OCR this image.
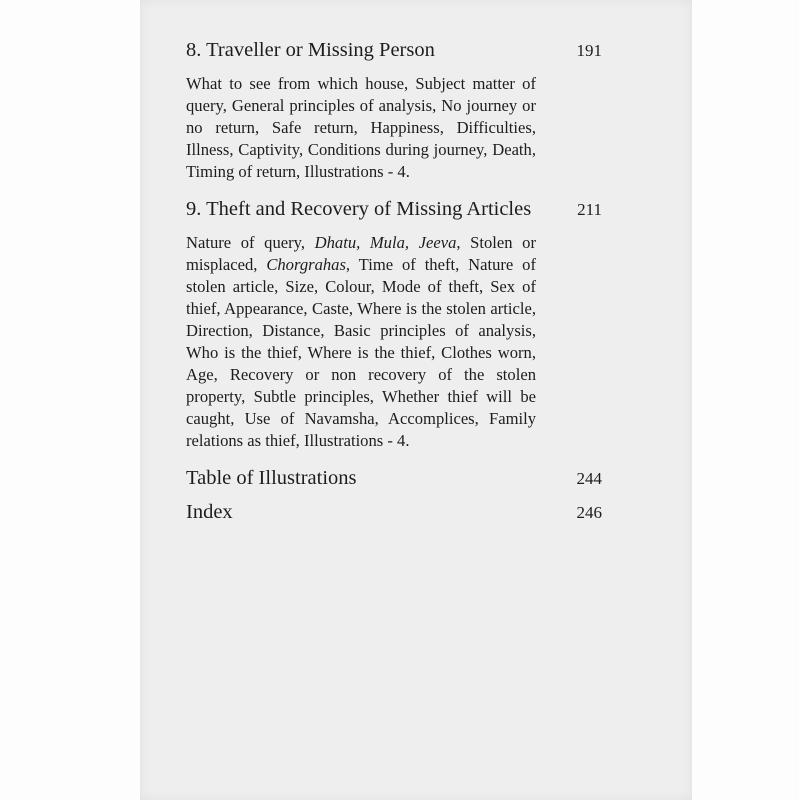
8. Traveller or Missing Person	191
What to see from which house, Subject matter of query, General principles of analysis, No journey or no return, Safe return, Happiness, Difficulties, Illness, Captivity, Conditions during journey, Death, Timing of return, Illustrations - 4.
9. Theft and Recovery of Missing Articles	211
Nature of query, Dhatu, Mula, Jeeva, Stolen or misplaced, Chorgrahas, Time of theft, Nature of stolen article, Size, Colour, Mode of theft, Sex of thief, Appearance, Caste, Where is the stolen article, Direction, Distance, Basic principles of analysis, Who is the thief, Where is the thief, Clothes worn, Age, Recovery or non recovery of the stolen property, Subtle principles, Whether thief will be caught, Use of Navamsha, Accomplices, Family relations as thief, Illustrations - 4.
Table of Illustrations	244
Index	246
